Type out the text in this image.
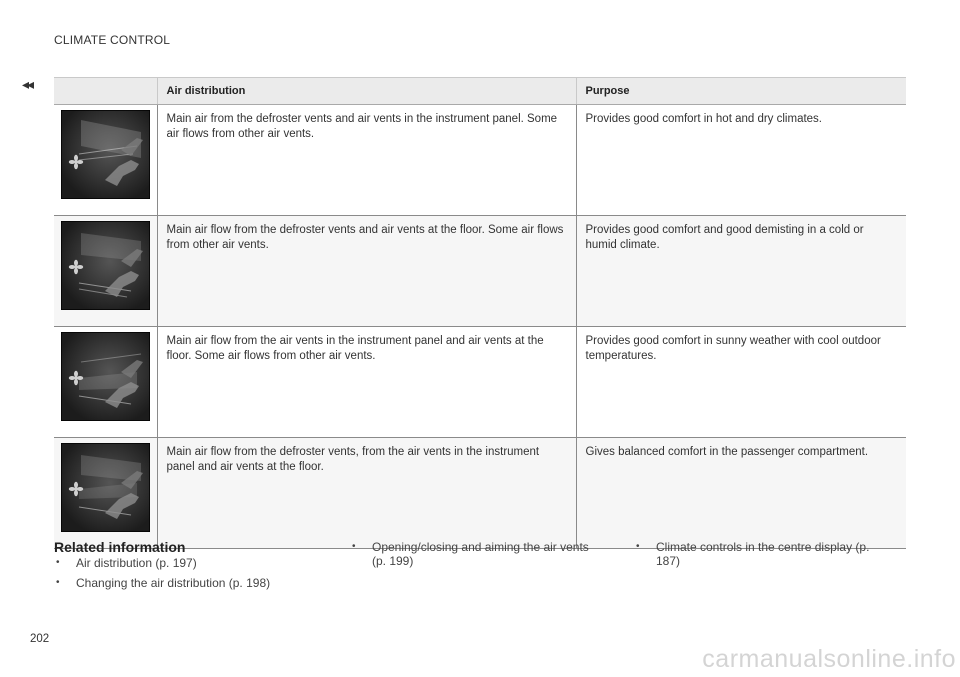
CLIMATE CONTROL
◂◂
		Air distribution	Purpose

	Main air from the defroster vents and air vents in the instrument panel. Some air flows from other air vents.	Provides good comfort in hot and dry climates.

	Main air flow from the defroster vents and air vents at the floor. Some air flows from other air vents.	Provides good comfort and good demisting in a cold or humid climate.

	Main air flow from the air vents in the instrument panel and air vents at the floor. Some air flows from other air vents.	Provides good comfort in sunny weather with cool outdoor temperatures.

	Main air flow from the defroster vents, from the air vents in the instrument panel and air vents at the floor.	Gives balanced comfort in the passenger compartment.
Related information
• Air distribution (p. 197)
• Changing the air distribution (p. 198)
• Opening/closing and aiming the air vents (p. 199)
• Climate controls in the centre display (p. 187)
202
carmanualsonline.info
